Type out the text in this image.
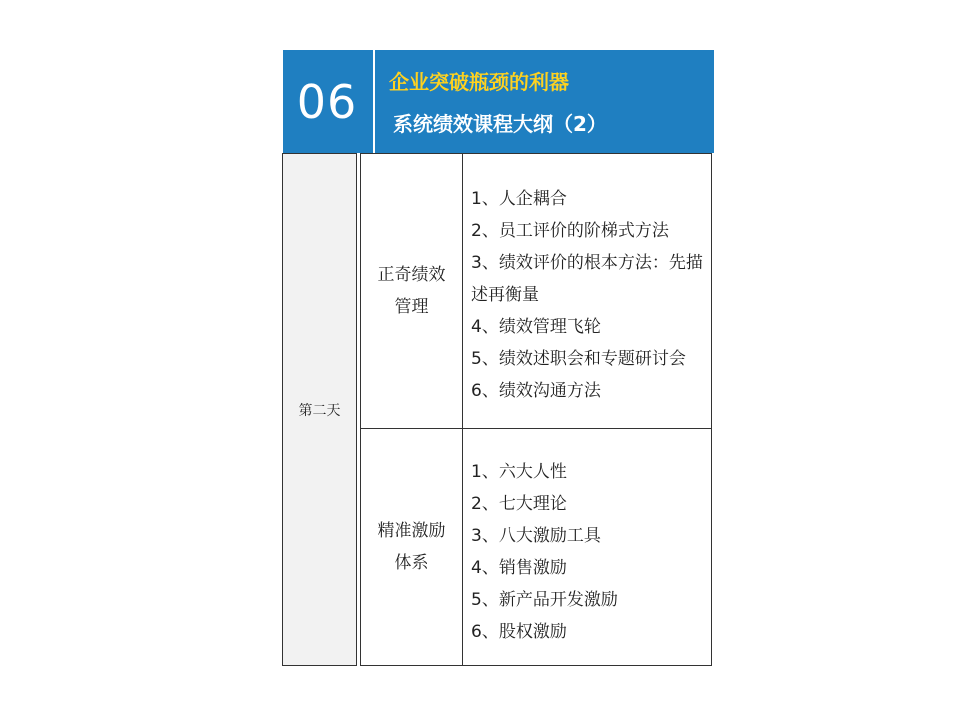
06	企业突破瓶颈的利器
系统绩效课程大纲（2）
第二天
正奇绩效管理
1、人企耦合
2、员工评价的阶梯式方法
3、绩效评价的根本方法：先描述再衡量
4、绩效管理飞轮
5、绩效述职会和专题研讨会
6、绩效沟通方法
精准激励体系
1、六大人性
2、七大理论
3、八大激励工具
4、销售激励
5、新产品开发激励
6、股权激励
